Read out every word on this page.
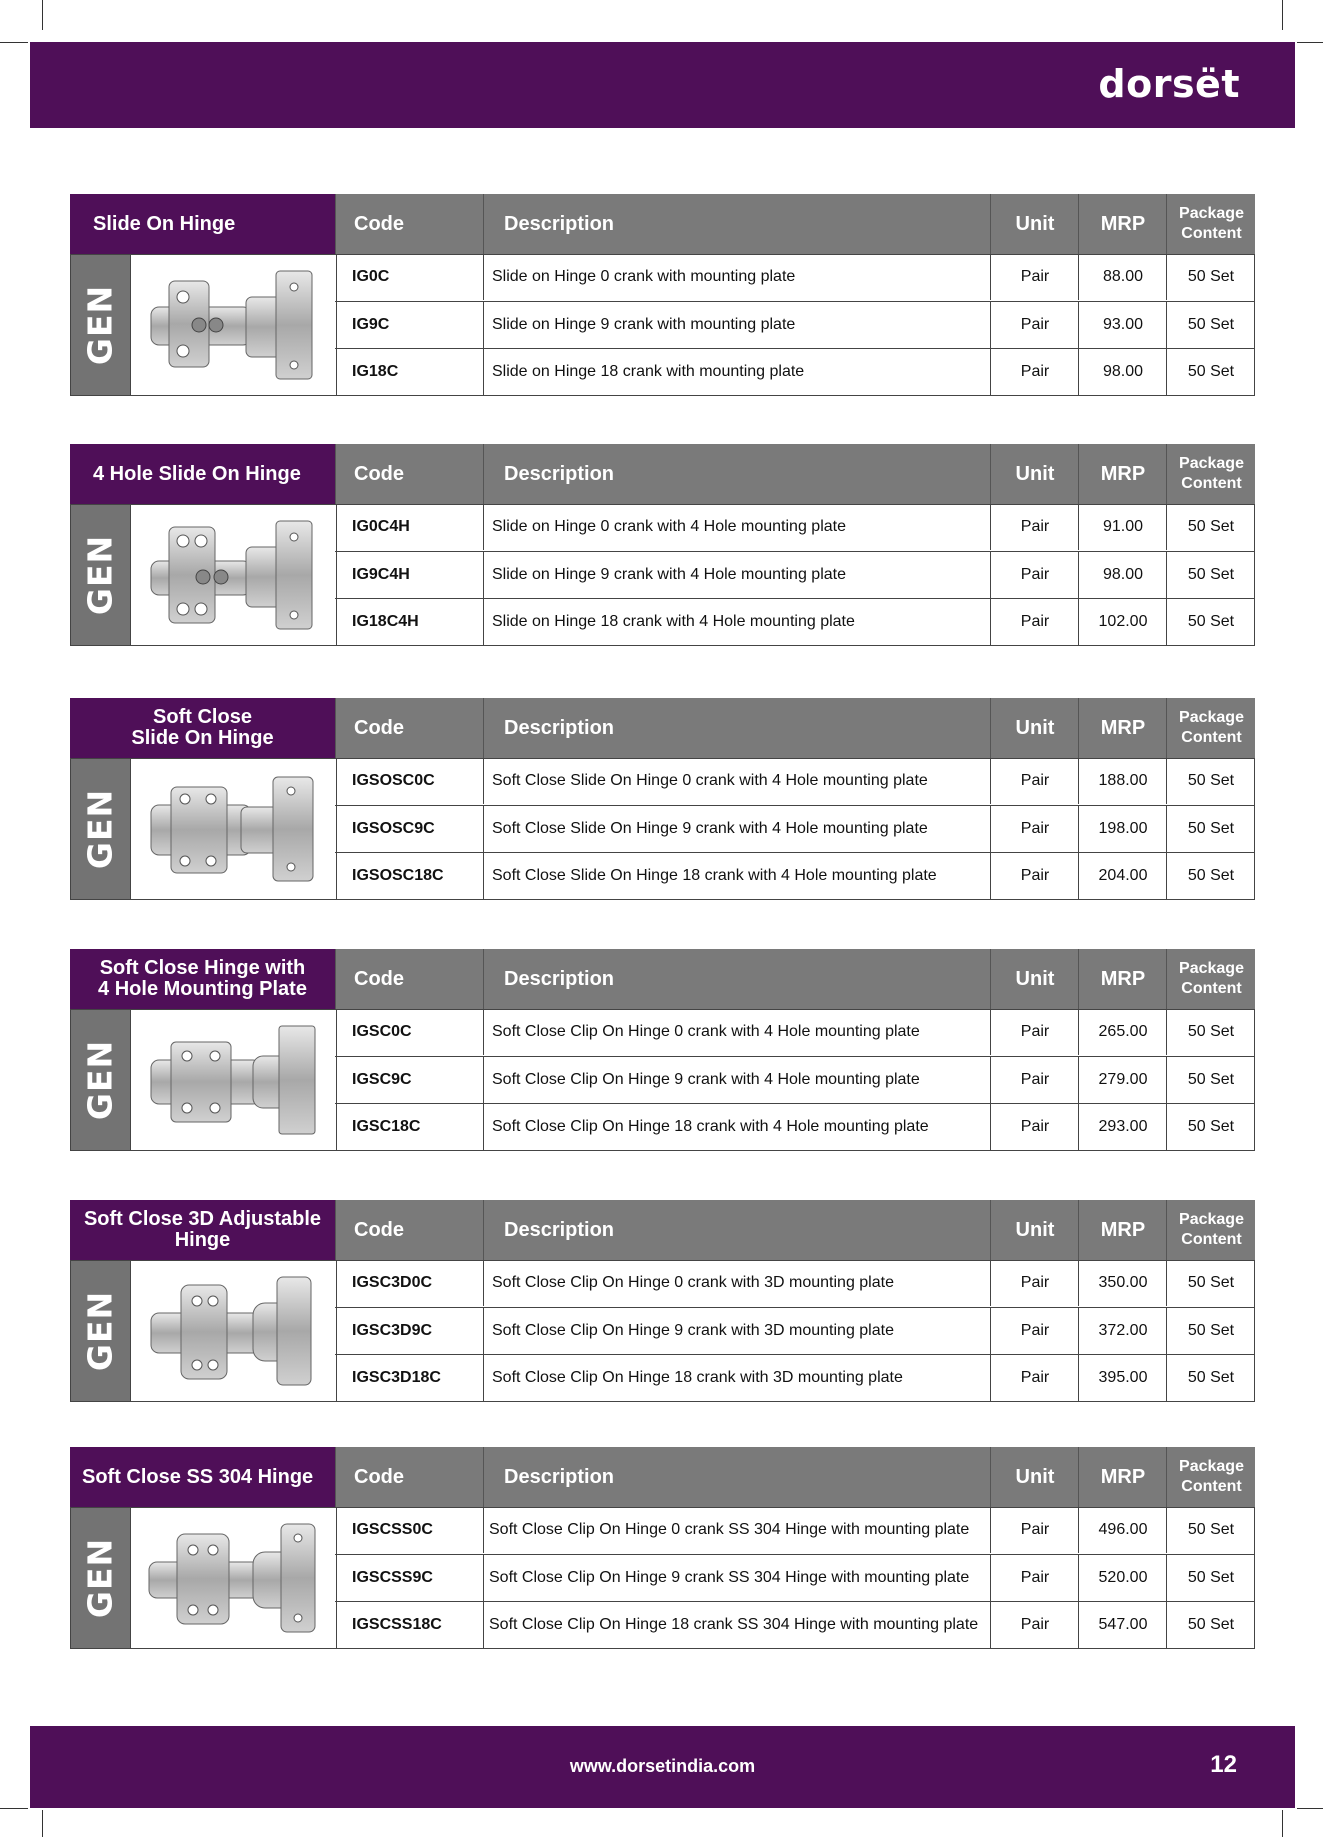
dorsët
Slide On Hinge	Code	Description	Unit	MRP	Package
Content
GEN
IG0C	Slide on Hinge 0 crank with mounting plate	Pair	88.00	50 Set
IG9C	Slide on Hinge 9 crank with mounting plate	Pair	93.00	50 Set
IG18C	Slide on Hinge 18 crank with mounting plate	Pair	98.00	50 Set
4 Hole Slide On Hinge	Code	Description	Unit	MRP	Package
Content
GEN
IG0C4H	Slide on Hinge 0 crank with 4 Hole mounting plate	Pair	91.00	50 Set
IG9C4H	Slide on Hinge 9 crank with 4 Hole mounting plate	Pair	98.00	50 Set
IG18C4H	Slide on Hinge 18 crank with 4 Hole mounting plate	Pair	102.00	50 Set
Soft Close
Slide On Hinge	Code	Description	Unit	MRP	Package
Content
GEN
IGSOSC0C	Soft Close Slide On Hinge 0 crank with 4 Hole mounting plate	Pair	188.00	50 Set
IGSOSC9C	Soft Close Slide On Hinge 9 crank with 4 Hole mounting plate	Pair	198.00	50 Set
IGSOSC18C	Soft Close Slide On Hinge 18 crank with 4 Hole mounting plate	Pair	204.00	50 Set
Soft Close Hinge with
4 Hole Mounting Plate	Code	Description	Unit	MRP	Package
Content
GEN
IGSC0C	Soft Close Clip On Hinge 0 crank with 4 Hole mounting plate	Pair	265.00	50 Set
IGSC9C	Soft Close Clip On Hinge 9 crank with 4 Hole mounting plate	Pair	279.00	50 Set
IGSC18C	Soft Close Clip On Hinge 18 crank with 4 Hole mounting plate	Pair	293.00	50 Set
Soft Close 3D Adjustable
Hinge	Code	Description	Unit	MRP	Package
Content
GEN
IGSC3D0C	Soft Close Clip On Hinge 0 crank with 3D mounting plate	Pair	350.00	50 Set
IGSC3D9C	Soft Close Clip On Hinge 9 crank with 3D mounting plate	Pair	372.00	50 Set
IGSC3D18C	Soft Close Clip On Hinge 18 crank with 3D mounting plate	Pair	395.00	50 Set
Soft Close SS 304 Hinge	Code	Description	Unit	MRP	Package
Content
GEN
IGSCSS0C	Soft Close Clip On Hinge 0 crank SS 304 Hinge with mounting plate	Pair	496.00	50 Set
IGSCSS9C	Soft Close Clip On Hinge 9 crank SS 304 Hinge with mounting plate	Pair	520.00	50 Set
IGSCSS18C	Soft Close Clip On Hinge 18 crank SS 304 Hinge with mounting plate	Pair	547.00	50 Set
www.dorsetindia.com	12
